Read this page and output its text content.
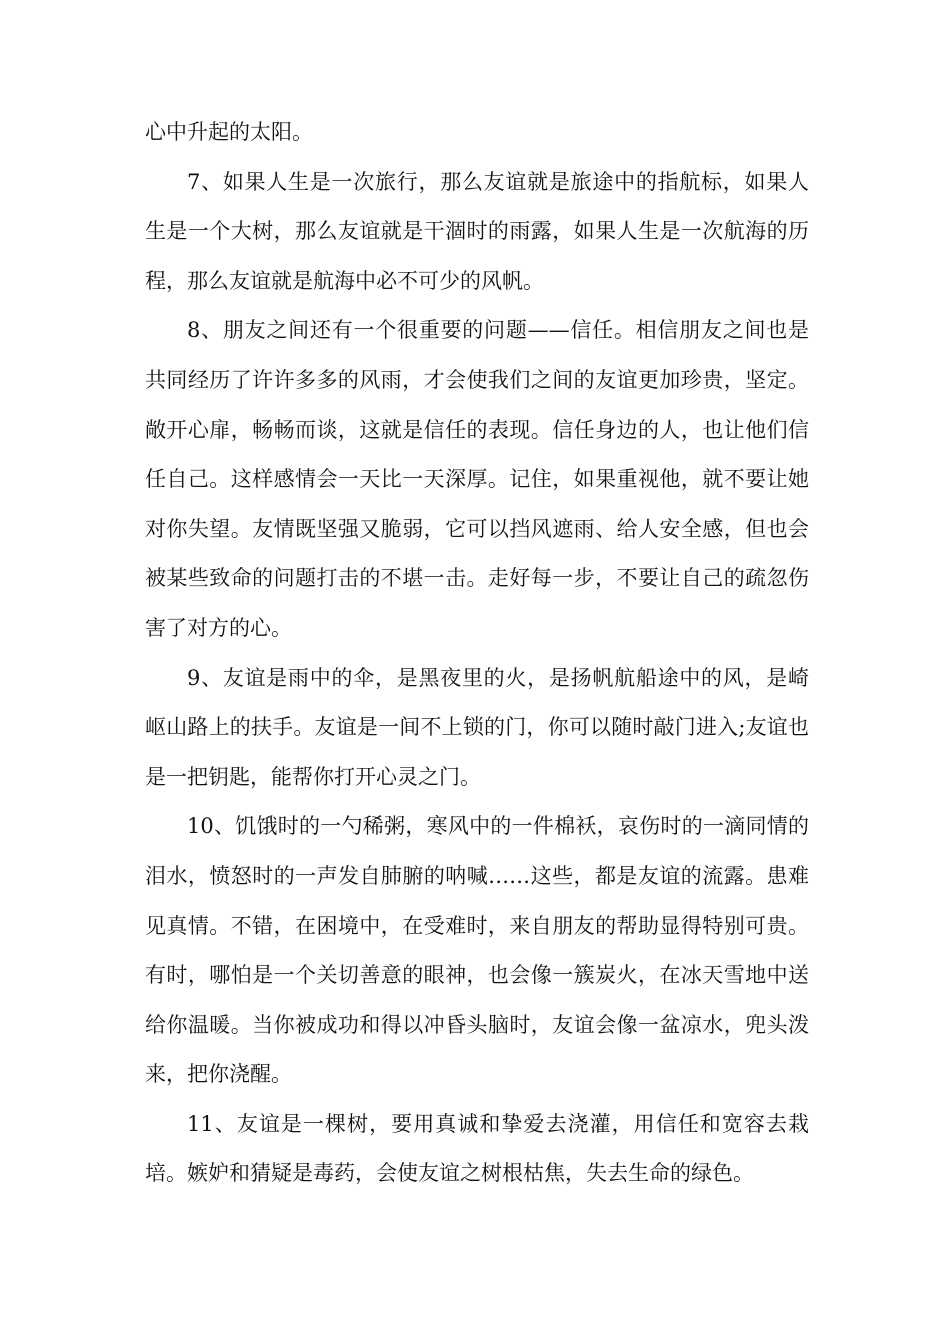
心中升起的太阳。

7、如果人生是一次旅行，那么友谊就是旅途中的指航标，如果人生是一个大树，那么友谊就是干涸时的雨露，如果人生是一次航海的历程，那么友谊就是航海中必不可少的风帆。

8、朋友之间还有一个很重要的问题——信任。相信朋友之间也是共同经历了许许多多的风雨，才会使我们之间的友谊更加珍贵，坚定。敞开心扉，畅畅而谈，这就是信任的表现。信任身边的人，也让他们信任自己。这样感情会一天比一天深厚。记住，如果重视他，就不要让她对你失望。友情既坚强又脆弱，它可以挡风遮雨、给人安全感，但也会被某些致命的问题打击的不堪一击。走好每一步，不要让自己的疏忽伤害了对方的心。

9、友谊是雨中的伞，是黑夜里的火，是扬帆航船途中的风，是崎岖山路上的扶手。友谊是一间不上锁的门，你可以随时敲门进入;友谊也是一把钥匙，能帮你打开心灵之门。

10、饥饿时的一勺稀粥，寒风中的一件棉袄，哀伤时的一滴同情的泪水，愤怒时的一声发自肺腑的呐喊……这些，都是友谊的流露。患难见真情。不错，在困境中，在受难时，来自朋友的帮助显得特别可贵。有时，哪怕是一个关切善意的眼神，也会像一簇炭火，在冰天雪地中送给你温暖。当你被成功和得以冲昏头脑时，友谊会像一盆凉水，兜头泼来，把你浇醒。

11、友谊是一棵树，要用真诚和挚爱去浇灌，用信任和宽容去栽培。嫉妒和猜疑是毒药，会使友谊之树根枯焦，失去生命的绿色。
